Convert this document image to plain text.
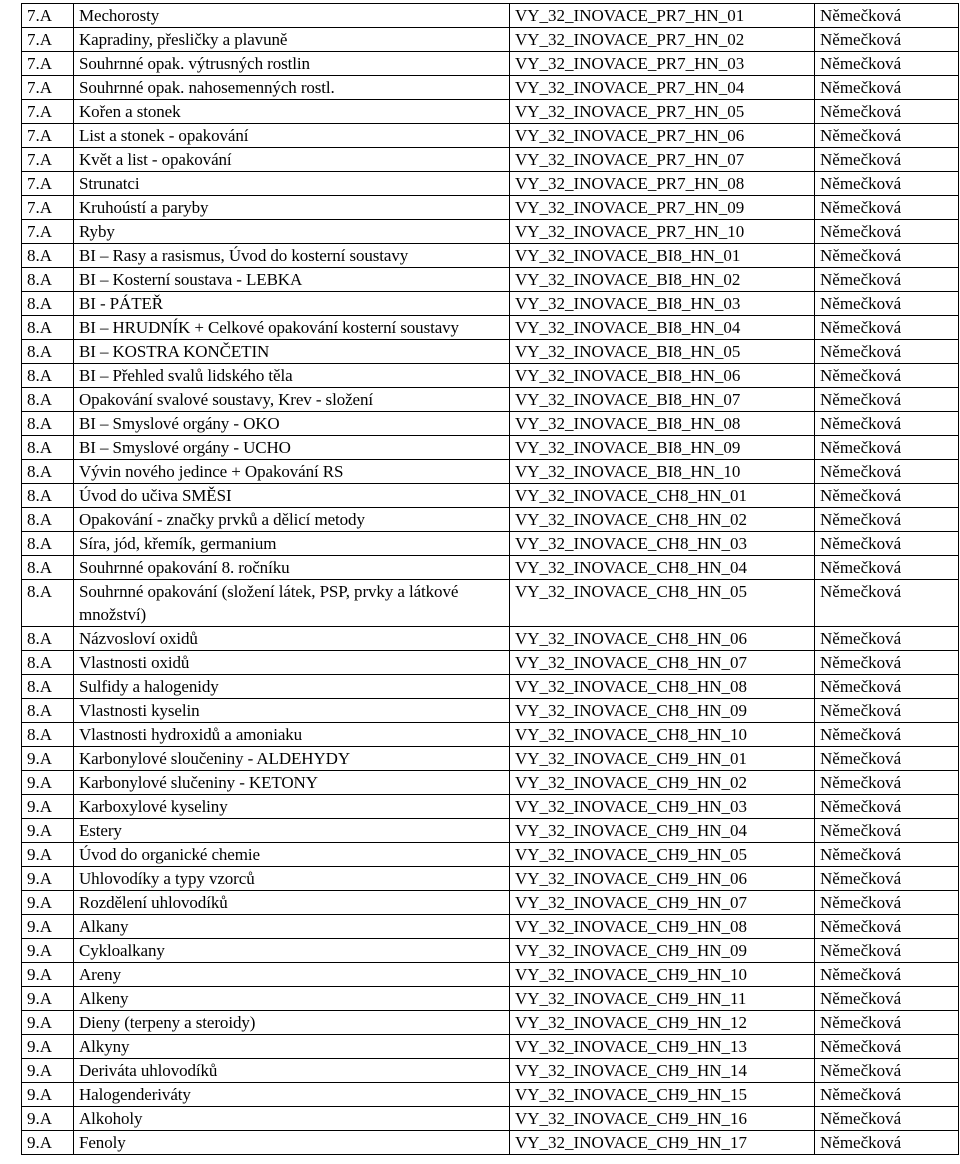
7.A	Mechorosty	VY_32_INOVACE_PR7_HN_01	Němečková
7.A	Kapradiny, přesličky a plavuně	VY_32_INOVACE_PR7_HN_02	Němečková
7.A	Souhrnné opak. výtrusných rostlin	VY_32_INOVACE_PR7_HN_03	Němečková
7.A	Souhrnné opak. nahosemenných rostl.	VY_32_INOVACE_PR7_HN_04	Němečková
7.A	Kořen a stonek	VY_32_INOVACE_PR7_HN_05	Němečková
7.A	List a stonek - opakování	VY_32_INOVACE_PR7_HN_06	Němečková
7.A	Květ a list - opakování	VY_32_INOVACE_PR7_HN_07	Němečková
7.A	Strunatci	VY_32_INOVACE_PR7_HN_08	Němečková
7.A	Kruhoústí a paryby	VY_32_INOVACE_PR7_HN_09	Němečková
7.A	Ryby	VY_32_INOVACE_PR7_HN_10	Němečková
8.A	BI – Rasy a rasismus, Úvod do kosterní soustavy	VY_32_INOVACE_BI8_HN_01	Němečková
8.A	BI – Kosterní soustava - LEBKA	VY_32_INOVACE_BI8_HN_02	Němečková
8.A	BI - PÁTEŘ	VY_32_INOVACE_BI8_HN_03	Němečková
8.A	BI – HRUDNÍK + Celkové opakování kosterní soustavy	VY_32_INOVACE_BI8_HN_04	Němečková
8.A	BI – KOSTRA KONČETIN	VY_32_INOVACE_BI8_HN_05	Němečková
8.A	BI – Přehled svalů lidského těla	VY_32_INOVACE_BI8_HN_06	Němečková
8.A	Opakování svalové soustavy, Krev - složení	VY_32_INOVACE_BI8_HN_07	Němečková
8.A	BI – Smyslové orgány - OKO	VY_32_INOVACE_BI8_HN_08	Němečková
8.A	BI – Smyslové orgány - UCHO	VY_32_INOVACE_BI8_HN_09	Němečková
8.A	Vývin nového jedince + Opakování RS	VY_32_INOVACE_BI8_HN_10	Němečková
8.A	Úvod do učiva SMĚSI	VY_32_INOVACE_CH8_HN_01	Němečková
8.A	Opakování - značky prvků a dělicí metody	VY_32_INOVACE_CH8_HN_02	Němečková
8.A	Síra, jód, křemík, germanium	VY_32_INOVACE_CH8_HN_03	Němečková
8.A	Souhrnné opakování 8. ročníku	VY_32_INOVACE_CH8_HN_04	Němečková
8.A	Souhrnné opakování (složení látek, PSP, prvky a látkové množství)	VY_32_INOVACE_CH8_HN_05	Němečková
8.A	Názvosloví oxidů	VY_32_INOVACE_CH8_HN_06	Němečková
8.A	Vlastnosti oxidů	VY_32_INOVACE_CH8_HN_07	Němečková
8.A	Sulfidy a halogenidy	VY_32_INOVACE_CH8_HN_08	Němečková
8.A	Vlastnosti kyselin	VY_32_INOVACE_CH8_HN_09	Němečková
8.A	Vlastnosti hydroxidů a amoniaku	VY_32_INOVACE_CH8_HN_10	Němečková
9.A	Karbonylové sloučeniny - ALDEHYDY	VY_32_INOVACE_CH9_HN_01	Němečková
9.A	Karbonylové slučeniny - KETONY	VY_32_INOVACE_CH9_HN_02	Němečková
9.A	Karboxylové kyseliny	VY_32_INOVACE_CH9_HN_03	Němečková
9.A	Estery	VY_32_INOVACE_CH9_HN_04	Němečková
9.A	Úvod do organické chemie	VY_32_INOVACE_CH9_HN_05	Němečková
9.A	Uhlovodíky a typy vzorců	VY_32_INOVACE_CH9_HN_06	Němečková
9.A	Rozdělení uhlovodíků	VY_32_INOVACE_CH9_HN_07	Němečková
9.A	Alkany	VY_32_INOVACE_CH9_HN_08	Němečková
9.A	Cykloalkany	VY_32_INOVACE_CH9_HN_09	Němečková
9.A	Areny	VY_32_INOVACE_CH9_HN_10	Němečková
9.A	Alkeny	VY_32_INOVACE_CH9_HN_11	Němečková
9.A	Dieny (terpeny a steroidy)	VY_32_INOVACE_CH9_HN_12	Němečková
9.A	Alkyny	VY_32_INOVACE_CH9_HN_13	Němečková
9.A	Deriváta uhlovodíků	VY_32_INOVACE_CH9_HN_14	Němečková
9.A	Halogenderiváty	VY_32_INOVACE_CH9_HN_15	Němečková
9.A	Alkoholy	VY_32_INOVACE_CH9_HN_16	Němečková
9.A	Fenoly	VY_32_INOVACE_CH9_HN_17	Němečková
